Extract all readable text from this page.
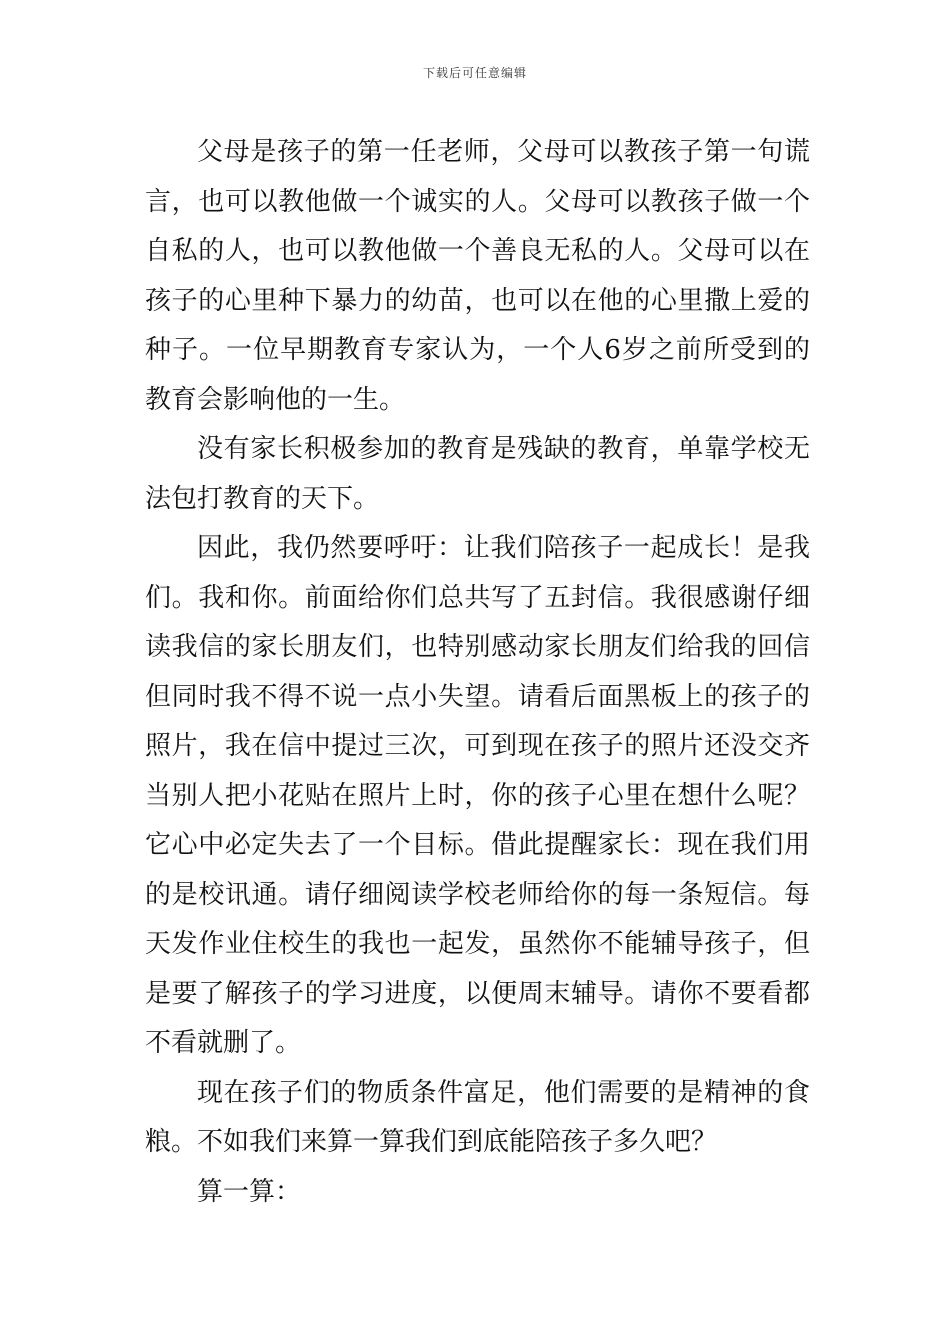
下载后可任意编辑

父母是孩子的第一任老师，父母可以教孩子第一句谎言，也可以教他做一个诚实的人。父母可以教孩子做一个自私的人，也可以教他做一个善良无私的人。父母可以在孩子的心里种下暴力的幼苗，也可以在他的心里撒上爱的种子。一位早期教育专家认为，一个人6岁之前所受到的教育会影响他的一生。

没有家长积极参加的教育是残缺的教育，单靠学校无法包打教育的天下。

因此，我仍然要呼吁：让我们陪孩子一起成长！是我们。我和你。前面给你们总共写了五封信。我很感谢仔细读我信的家长朋友们，也特别感动家长朋友们给我的回信但同时我不得不说一点小失望。请看后面黑板上的孩子的照片，我在信中提过三次，可到现在孩子的照片还没交齐当别人把小花贴在照片上时，你的孩子心里在想什么呢？它心中必定失去了一个目标。借此提醒家长：现在我们用的是校讯通。请仔细阅读学校老师给你的每一条短信。每天发作业住校生的我也一起发，虽然你不能辅导孩子，但是要了解孩子的学习进度，以便周末辅导。请你不要看都不看就删了。

现在孩子们的物质条件富足，他们需要的是精神的食粮。不如我们来算一算我们到底能陪孩子多久吧？

算一算：
